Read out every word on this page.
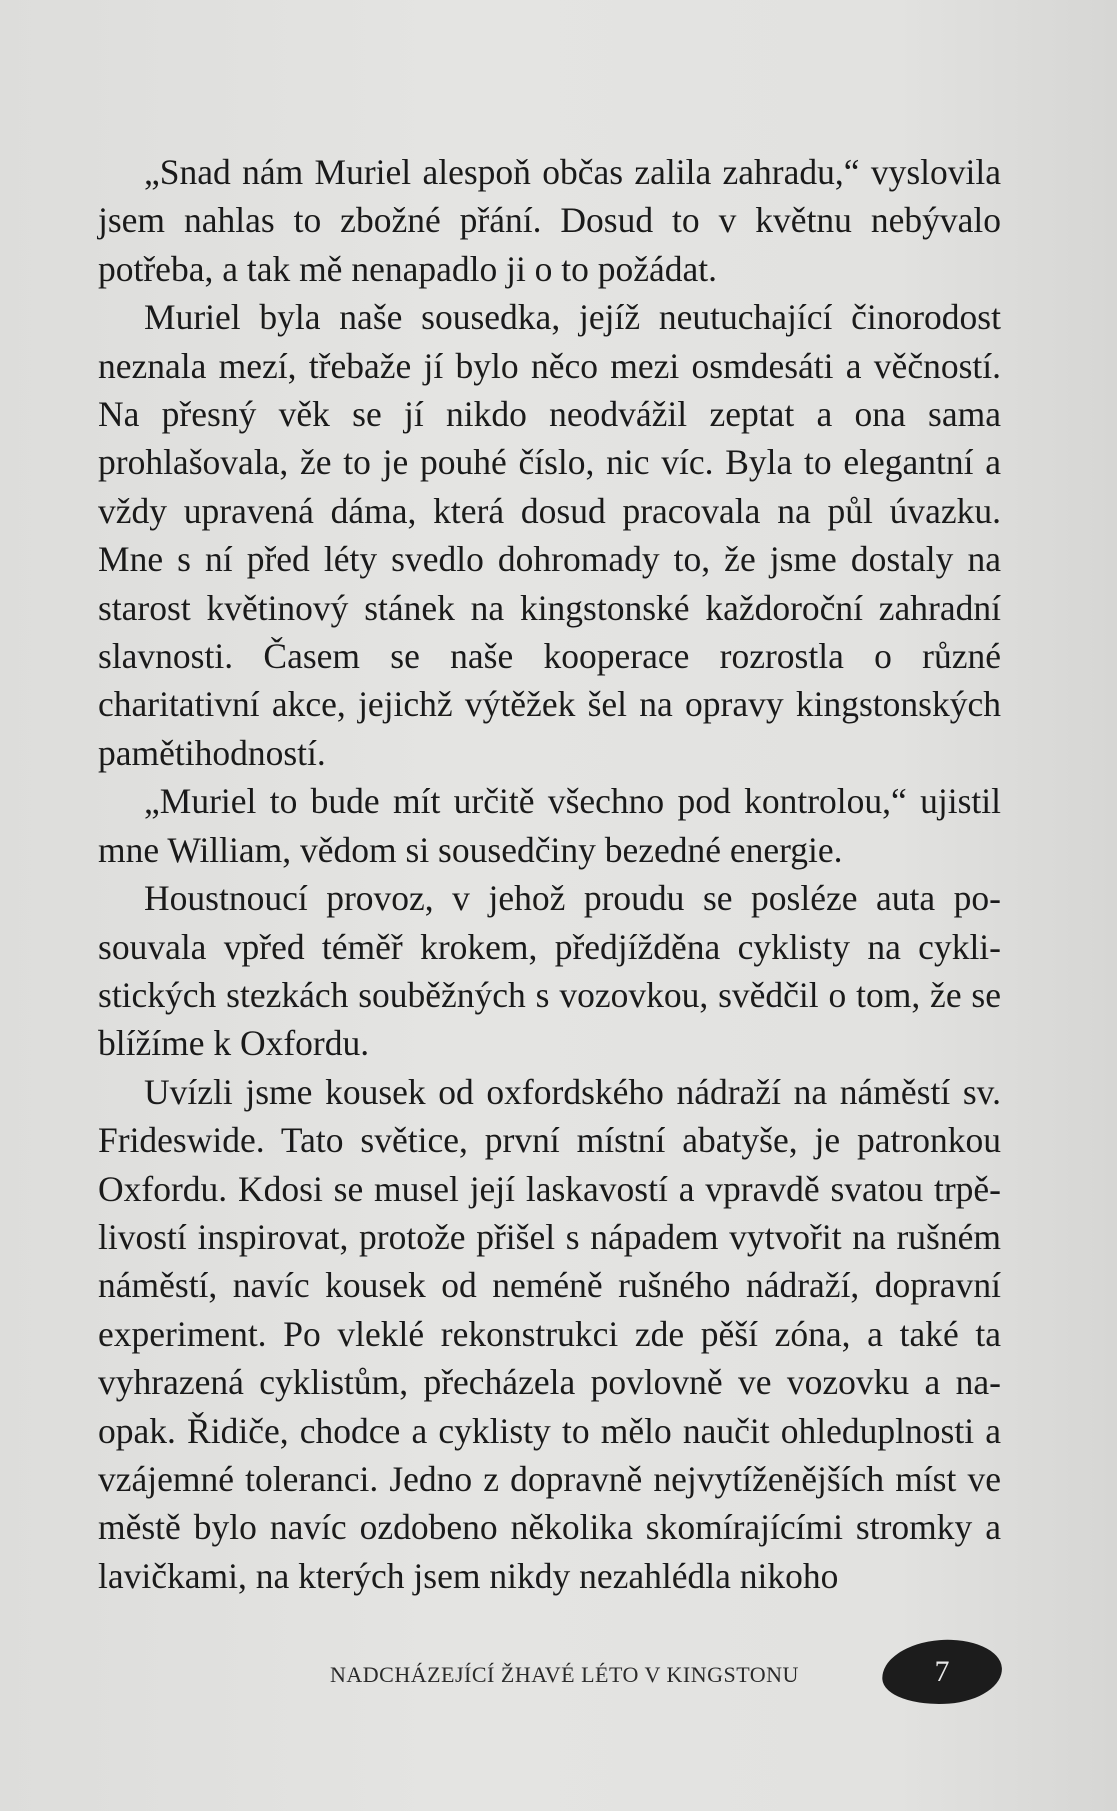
„Snad nám Muriel alespoň občas zalila zahradu,“ vyslovila jsem nahlas to zbožné přání. Dosud to v květnu nebývalo potřeba, a tak mě nenapadlo ji o to požádat.

Muriel byla naše sousedka, jejíž neutuchající činorodost neznala mezí, třebaže jí bylo něco mezi osmdesáti a věčností. Na přesný věk se jí nikdo neodvážil zeptat a ona sama prohlašovala, že to je pouhé číslo, nic víc. Byla to elegantní a vždy upravená dáma, která dosud pracovala na půl úvazku. Mne s ní před léty svedlo dohromady to, že jsme dostaly na starost květinový stánek na kingstonské každoroční zahradní slavnosti. Časem se naše kooperace rozrostla o různé charitativní akce, jejichž výtěžek šel na opravy kingstonských pamětihodností.

„Muriel to bude mít určitě všechno pod kontrolou,“ ujistil mne William, vědom si sousedčiny bezedné energie.

Houstnoucí provoz, v jehož proudu se posléze auta posouvala vpřed téměř krokem, předjížděna cyklisty na cyklistických stezkách souběžných s vozovkou, svědčil o tom, že se blížíme k Oxfordu.

Uvízli jsme kousek od oxfordského nádraží na náměstí sv. Frideswide. Tato světice, první místní abatyše, je patronkou Oxfordu. Kdosi se musel její laskavostí a vpravdě svatou trpělivostí inspirovat, protože přišel s nápadem vytvořit na rušném náměstí, navíc kousek od neméně rušného nádraží, dopravní experiment. Po vleklé rekonstrukci zde pěší zóna, a také ta vyhrazená cyklistům, přecházela povlovně ve vozovku a naopak. Řidiče, chodce a cyklisty to mělo naučit ohleduplnosti a vzájemné toleranci. Jedno z dopravně nejvytíženějších míst ve městě bylo navíc ozdobeno několika skomírajícími stromky a lavičkami, na kterých jsem nikdy nezahlédla nikoho

NADCHÁZEJÍCÍ ŽHAVÉ LÉTO V KINGSTONU	7
